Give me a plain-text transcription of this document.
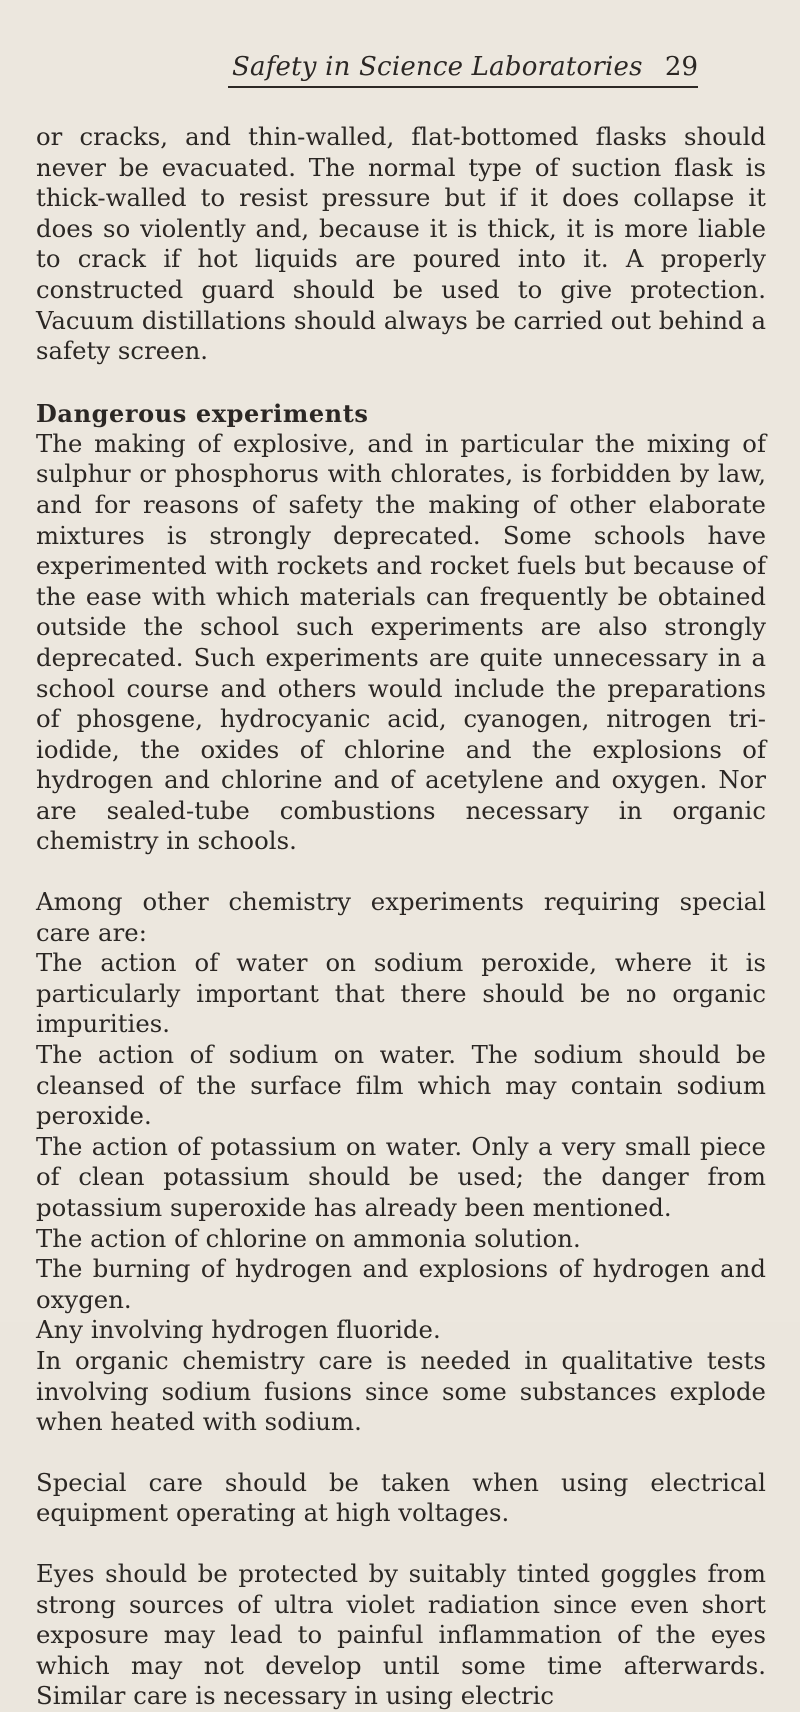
Safety in Science Laboratories 29

or cracks, and thin-walled, flat-bottomed flasks should never be evacuated. The normal type of suction flask is thick-walled to resist pressure but if it does collapse it does so violently and, because it is thick, it is more liable to crack if hot liquids are poured into it. A properly constructed guard should be used to give protection. Vacuum distillations should always be carried out behind a safety screen.

Dangerous experiments

The making of explosive, and in particular the mixing of sulphur or phosphorus with chlorates, is forbidden by law, and for reasons of safety the making of other elaborate mixtures is strongly deprecated. Some schools have experimented with rockets and rocket fuels but because of the ease with which materials can frequently be obtained outside the school such experiments are also strongly deprecated. Such experiments are quite unnecessary in a school course and others would include the preparations of phosgene, hydrocyanic acid, cyanogen, nitrogen tri-iodide, the oxides of chlorine and the explosions of hydrogen and chlorine and of acetylene and oxygen. Nor are sealed-tube combustions necessary in organic chemistry in schools.

Among other chemistry experiments requiring special care are:

The action of water on sodium peroxide, where it is particularly important that there should be no organic impurities.

The action of sodium on water. The sodium should be cleansed of the surface film which may contain sodium peroxide.

The action of potassium on water. Only a very small piece of clean potassium should be used; the danger from potassium superoxide has already been mentioned.

The action of chlorine on ammonia solution.

The burning of hydrogen and explosions of hydrogen and oxygen.

Any involving hydrogen fluoride.

In organic chemistry care is needed in qualitative tests involving sodium fusions since some substances explode when heated with sodium.

Special care should be taken when using electrical equipment operating at high voltages.

Eyes should be protected by suitably tinted goggles from strong sources of ultra violet radiation since even short exposure may lead to painful inflammation of the eyes which may not develop until some time afterwards. Similar care is necessary in using electric
